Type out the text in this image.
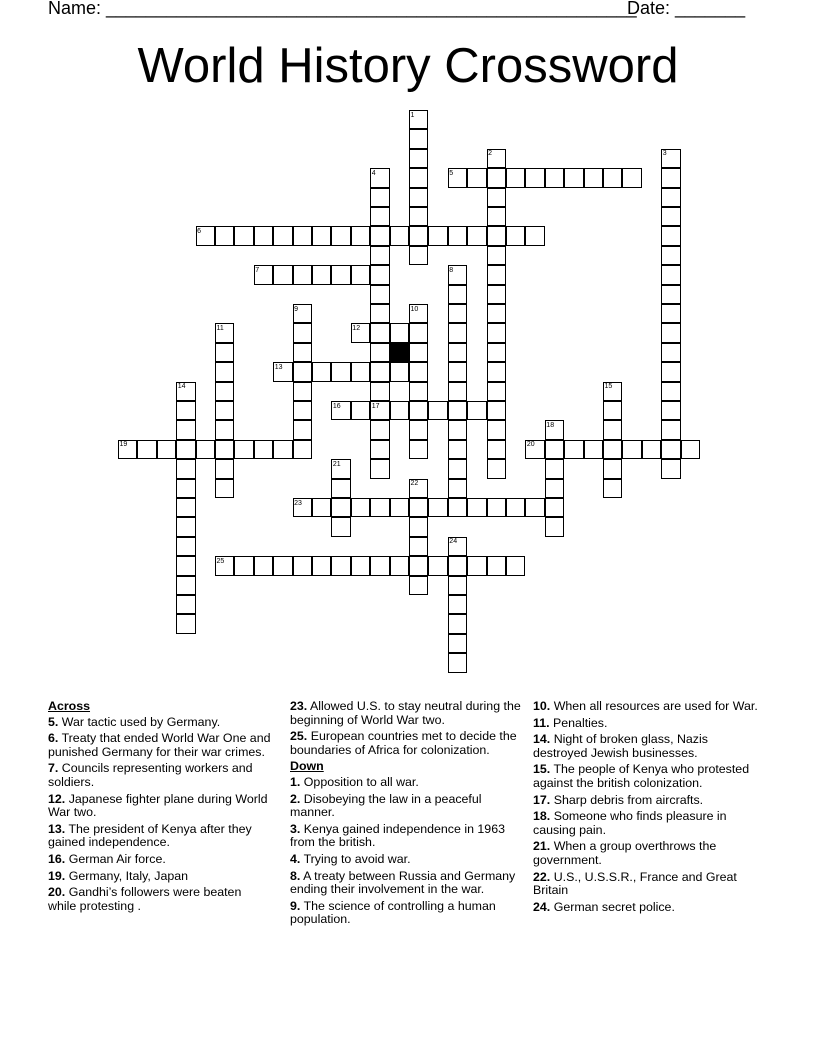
Name: _____________________________________________________
Date: _______
World History Crossword
1
2	3
4	5
6
7	8
9	10
11	12
13
14	15
16	17
18
19	20
21
22
23
24
25
Across
5. War tactic used by Germany.
6. Treaty that ended World War One and punished Germany for their war crimes.
7. Councils representing workers and soldiers.
12. Japanese fighter plane during World War two.
13. The president of Kenya after they gained independence.
16. German Air force.
19. Germany, Italy, Japan
20. Gandhi’s followers were beaten while protesting .
23. Allowed U.S. to stay neutral during the beginning of World War two.
25. European countries met to decide the boundaries of Africa for colonization.
Down
1. Opposition to all war.
2. Disobeying the law in a peaceful manner.
3. Kenya gained independence in 1963 from the british.
4. Trying to avoid war.
8. A treaty between Russia and Germany ending their involvement in the war.
9. The science of controlling a human population.
10. When all resources are used for War.
11. Penalties.
14. Night of broken glass, Nazis destroyed Jewish businesses.
15. The people of Kenya who protested against the british colonization.
17. Sharp debris from aircrafts.
18. Someone who finds pleasure in causing pain.
21. When a group overthrows the government.
22. U.S., U.S.S.R., France and Great Britain
24. German secret police.
